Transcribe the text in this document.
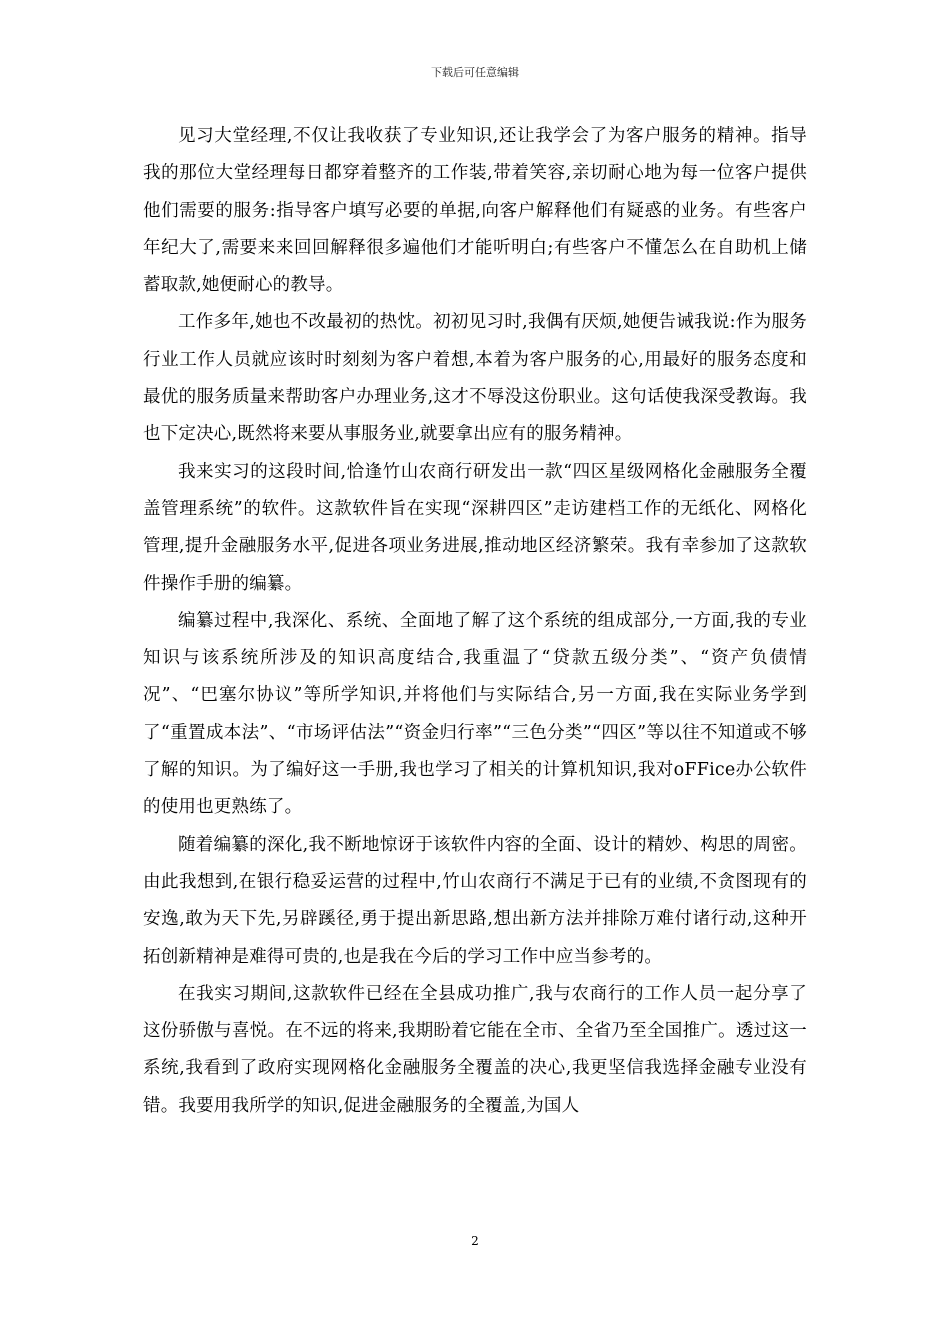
下载后可任意编辑

见习大堂经理,不仅让我收获了专业知识,还让我学会了为客户服务的精神。指导我的那位大堂经理每日都穿着整齐的工作装,带着笑容,亲切耐心地为每一位客户提供他们需要的服务:指导客户填写必要的单据,向客户解释他们有疑惑的业务。有些客户年纪大了,需要来来回回解释很多遍他们才能听明白;有些客户不懂怎么在自助机上储蓄取款,她便耐心的教导。

工作多年,她也不改最初的热忱。初初见习时,我偶有厌烦,她便告诫我说:作为服务行业工作人员就应该时时刻刻为客户着想,本着为客户服务的心,用最好的服务态度和最优的服务质量来帮助客户办理业务,这才不辱没这份职业。这句话使我深受教诲。我也下定决心,既然将来要从事服务业,就要拿出应有的服务精神。

我来实习的这段时间,恰逢竹山农商行研发出一款“四区星级网格化金融服务全覆盖管理系统”的软件。这款软件旨在实现“深耕四区”走访建档工作的无纸化、网格化管理,提升金融服务水平,促进各项业务进展,推动地区经济繁荣。我有幸参加了这款软件操作手册的编纂。

编纂过程中,我深化、系统、全面地了解了这个系统的组成部分,一方面,我的专业知识与该系统所涉及的知识高度结合,我重温了“贷款五级分类”、“资产负债情况”、“巴塞尔协议”等所学知识,并将他们与实际结合,另一方面,我在实际业务学到了“重置成本法”、“市场评估法”“资金归行率”“三色分类”“四区”等以往不知道或不够了解的知识。为了编好这一手册,我也学习了相关的计算机知识,我对oFFice办公软件的使用也更熟练了。

随着编纂的深化,我不断地惊讶于该软件内容的全面、设计的精妙、构思的周密。由此我想到,在银行稳妥运营的过程中,竹山农商行不满足于已有的业绩,不贪图现有的安逸,敢为天下先,另辟蹊径,勇于提出新思路,想出新方法并排除万难付诸行动,这种开拓创新精神是难得可贵的,也是我在今后的学习工作中应当参考的。

在我实习期间,这款软件已经在全县成功推广,我与农商行的工作人员一起分享了这份骄傲与喜悦。在不远的将来,我期盼着它能在全市、全省乃至全国推广。透过这一系统,我看到了政府实现网格化金融服务全覆盖的决心,我更坚信我选择金融专业没有错。我要用我所学的知识,促进金融服务的全覆盖,为国人

2
